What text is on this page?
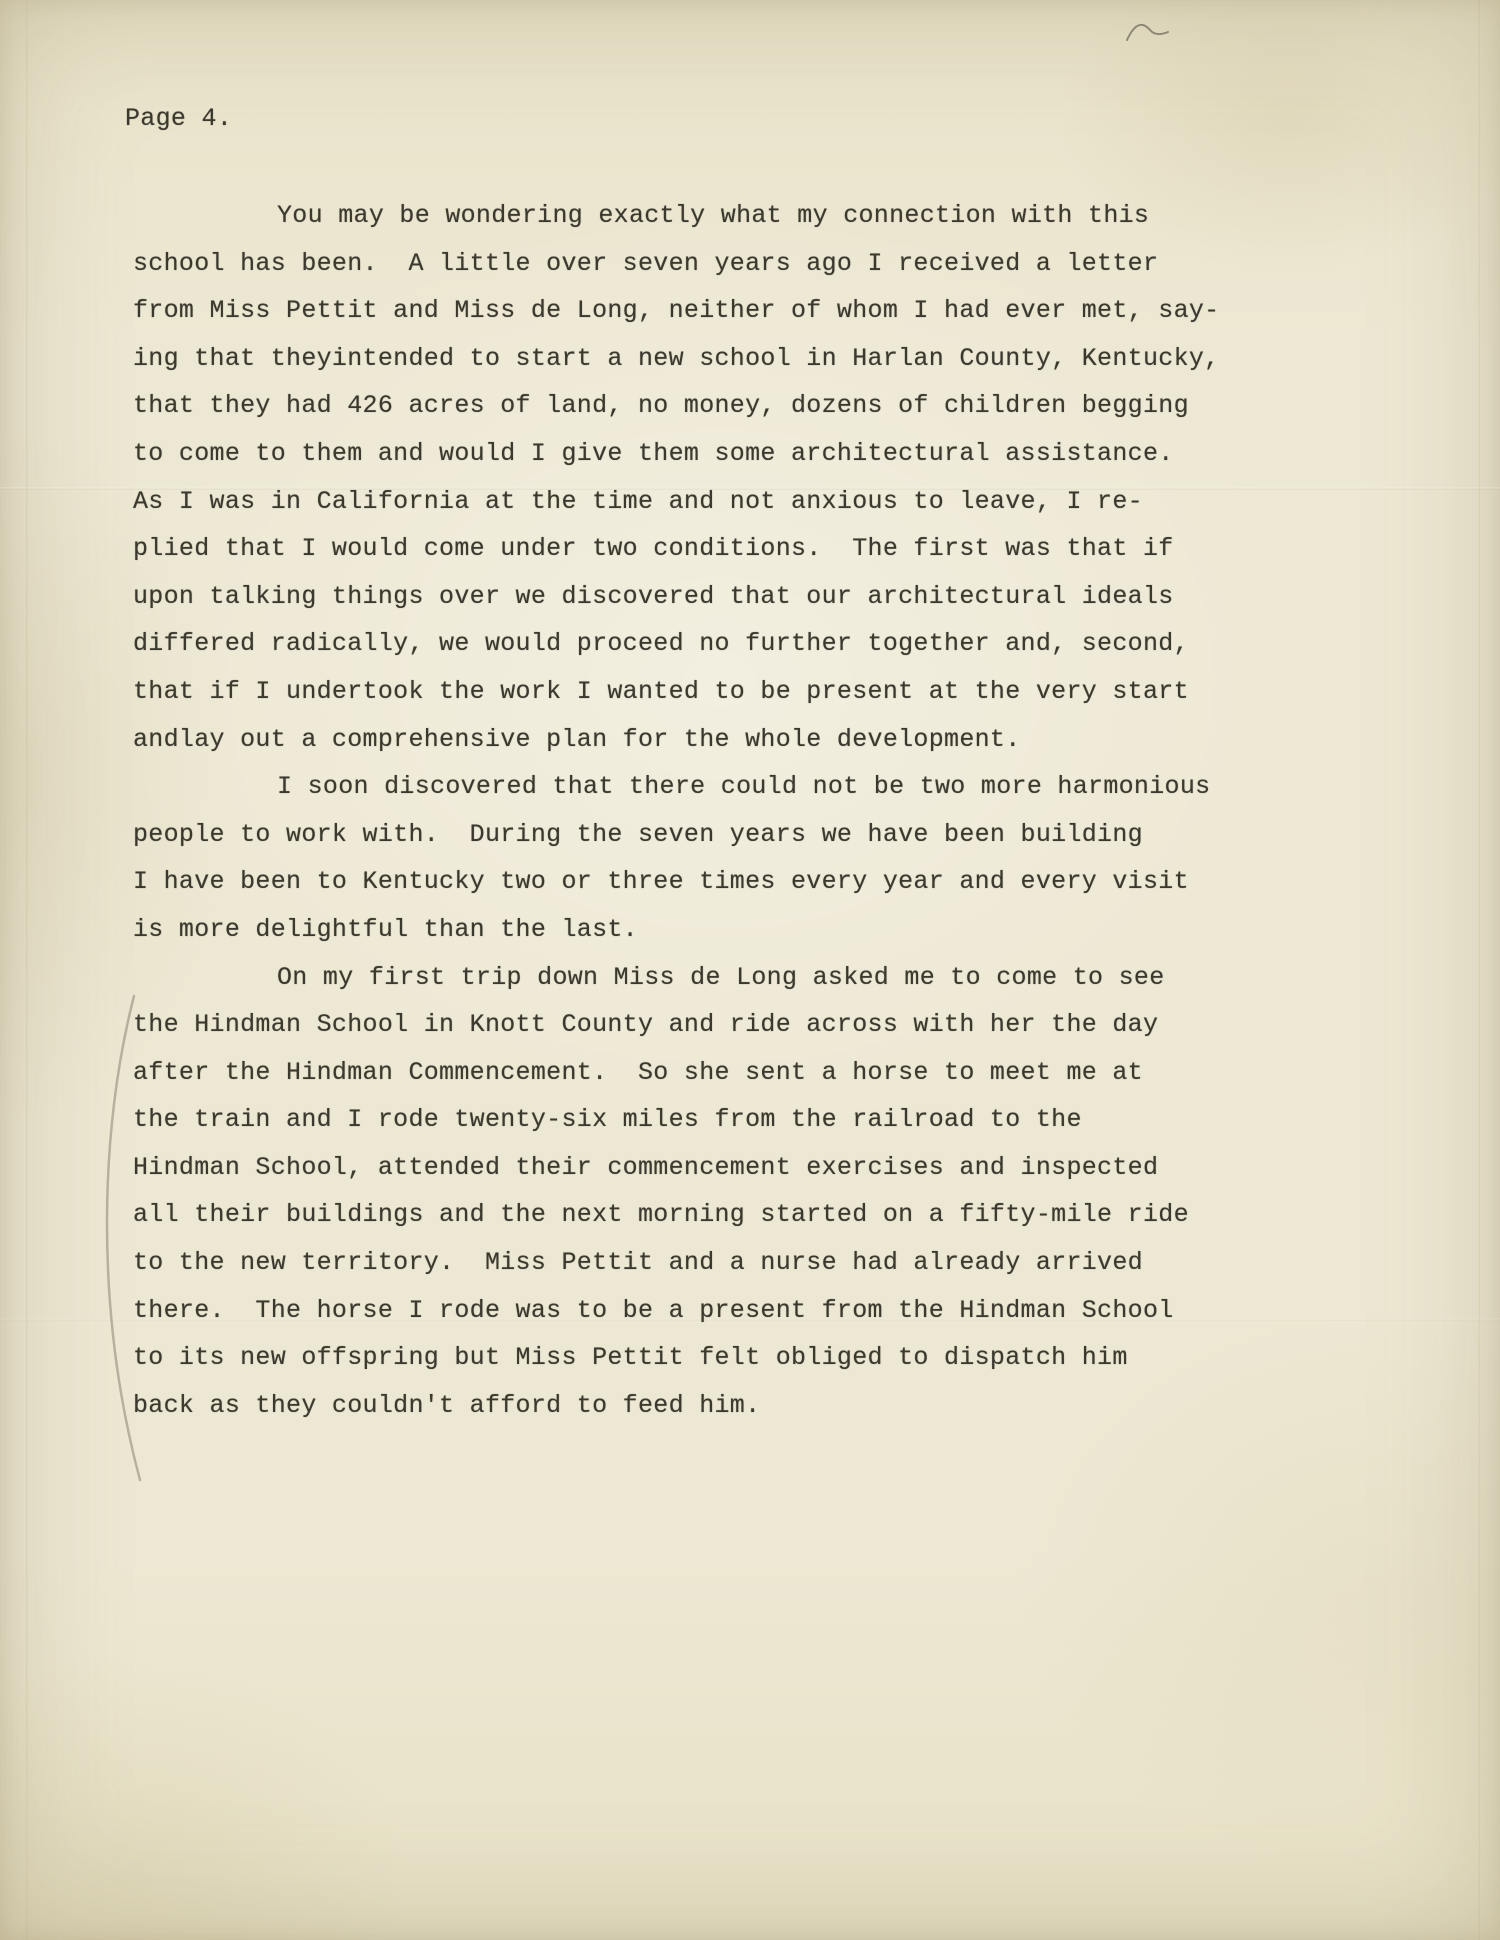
Page 4.

You may be wondering exactly what my connection with this
school has been.  A little over seven years ago I received a letter
from Miss Pettit and Miss de Long, neither of whom I had ever met, say-
ing that theyintended to start a new school in Harlan County, Kentucky,
that they had 426 acres of land, no money, dozens of children begging
to come to them and would I give them some architectural assistance.
As I was in California at the time and not anxious to leave, I re-
plied that I would come under two conditions.  The first was that if
upon talking things over we discovered that our architectural ideals
differed radically, we would proceed no further together and, second,
that if I undertook the work I wanted to be present at the very start
andlay out a comprehensive plan for the whole development.

I soon discovered that there could not be two more harmonious
people to work with.  During the seven years we have been building
I have been to Kentucky two or three times every year and every visit
is more delightful than the last.

On my first trip down Miss de Long asked me to come to see
the Hindman School in Knott County and ride across with her the day
after the Hindman Commencement.  So she sent a horse to meet me at
the train and I rode twenty-six miles from the railroad to the
Hindman School, attended their commencement exercises and inspected
all their buildings and the next morning started on a fifty-mile ride
to the new territory.  Miss Pettit and a nurse had already arrived
there.  The horse I rode was to be a present from the Hindman School
to its new offspring but Miss Pettit felt obliged to dispatch him
back as they couldn't afford to feed him.
